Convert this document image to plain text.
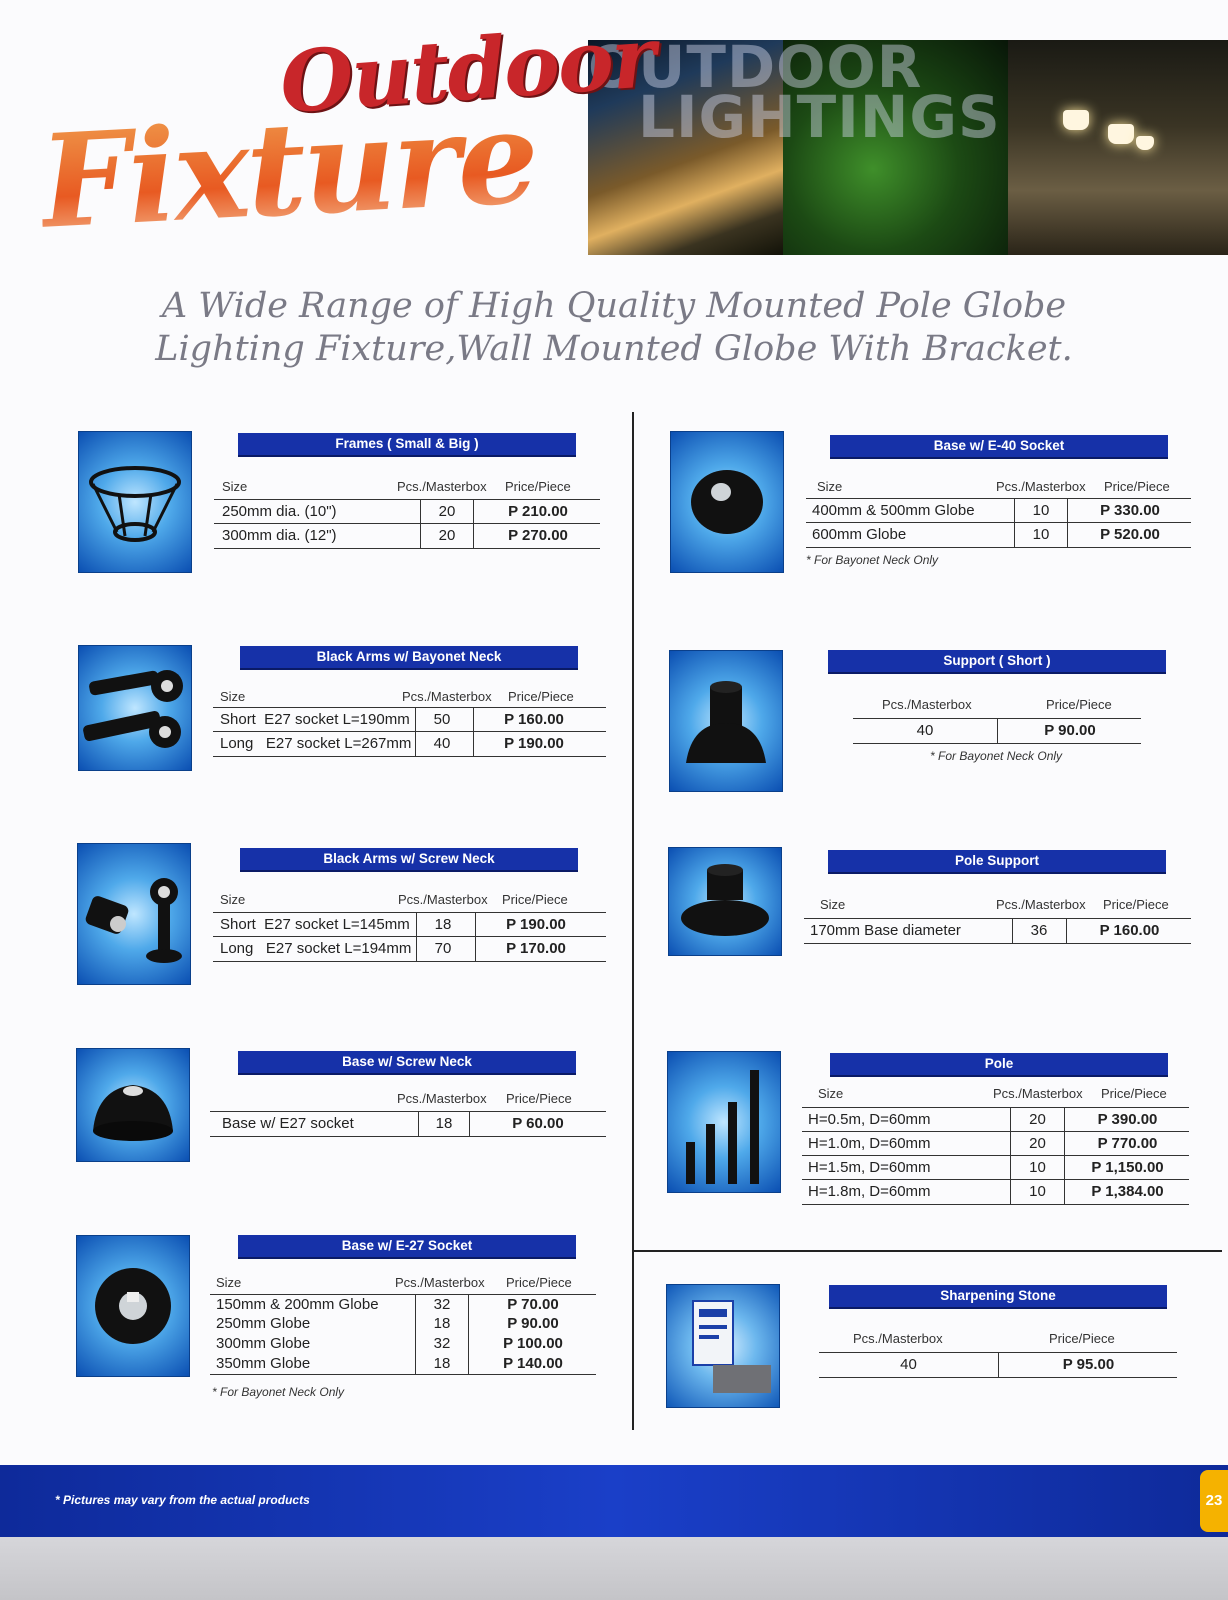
OUTDOOR
LIGHTINGS
Fixture
Outdoor
A Wide Range of High Quality Mounted Pole Globe
Lighting Fixture,Wall Mounted Globe With Bracket.
Frames ( Small & Big )
Size	Pcs./Masterbox Price/Piece
250mm dia. (10")	20	P 210.00
300mm dia. (12")	20	P 270.00
Black Arms w/ Bayonet Neck
Size	Pcs./Masterbox Price/Piece
Short  E27 socket L=190mm	50	P 160.00
Long   E27 socket L=267mm	40	P 190.00
Black Arms w/ Screw Neck
Size	Pcs./Masterbox Price/Piece
Short  E27 socket L=145mm	18	P 190.00
Long   E27 socket L=194mm	70	P 170.00
Base w/ Screw Neck
Pcs./Masterbox Price/Piece
Base w/ E27 socket	18	P 60.00
Base w/ E-27 Socket
Size	Pcs./Masterbox Price/Piece
150mm & 200mm Globe	32	P 70.00
250mm Globe	18	P 90.00
300mm Globe	32	P 100.00
350mm Globe	18	P 140.00
* For Bayonet Neck Only
Base w/ E-40 Socket
Size	Pcs./Masterbox Price/Piece
400mm & 500mm Globe	10	P 330.00
600mm Globe	10	P 520.00
* For Bayonet Neck Only
Support ( Short )
Pcs./Masterbox	Price/Piece
40	P 90.00
* For Bayonet Neck Only
Pole Support
Size	Pcs./Masterbox Price/Piece
170mm Base diameter	36	P 160.00
Pole
Size	Pcs./Masterbox Price/Piece
H=0.5m, D=60mm	20	P 390.00
H=1.0m, D=60mm	20	P 770.00
H=1.5m, D=60mm	10	P 1,150.00
H=1.8m, D=60mm	10	P 1,384.00
Sharpening Stone
Pcs./Masterbox	Price/Piece
40	P 95.00
* Pictures may vary from the actual products	23
